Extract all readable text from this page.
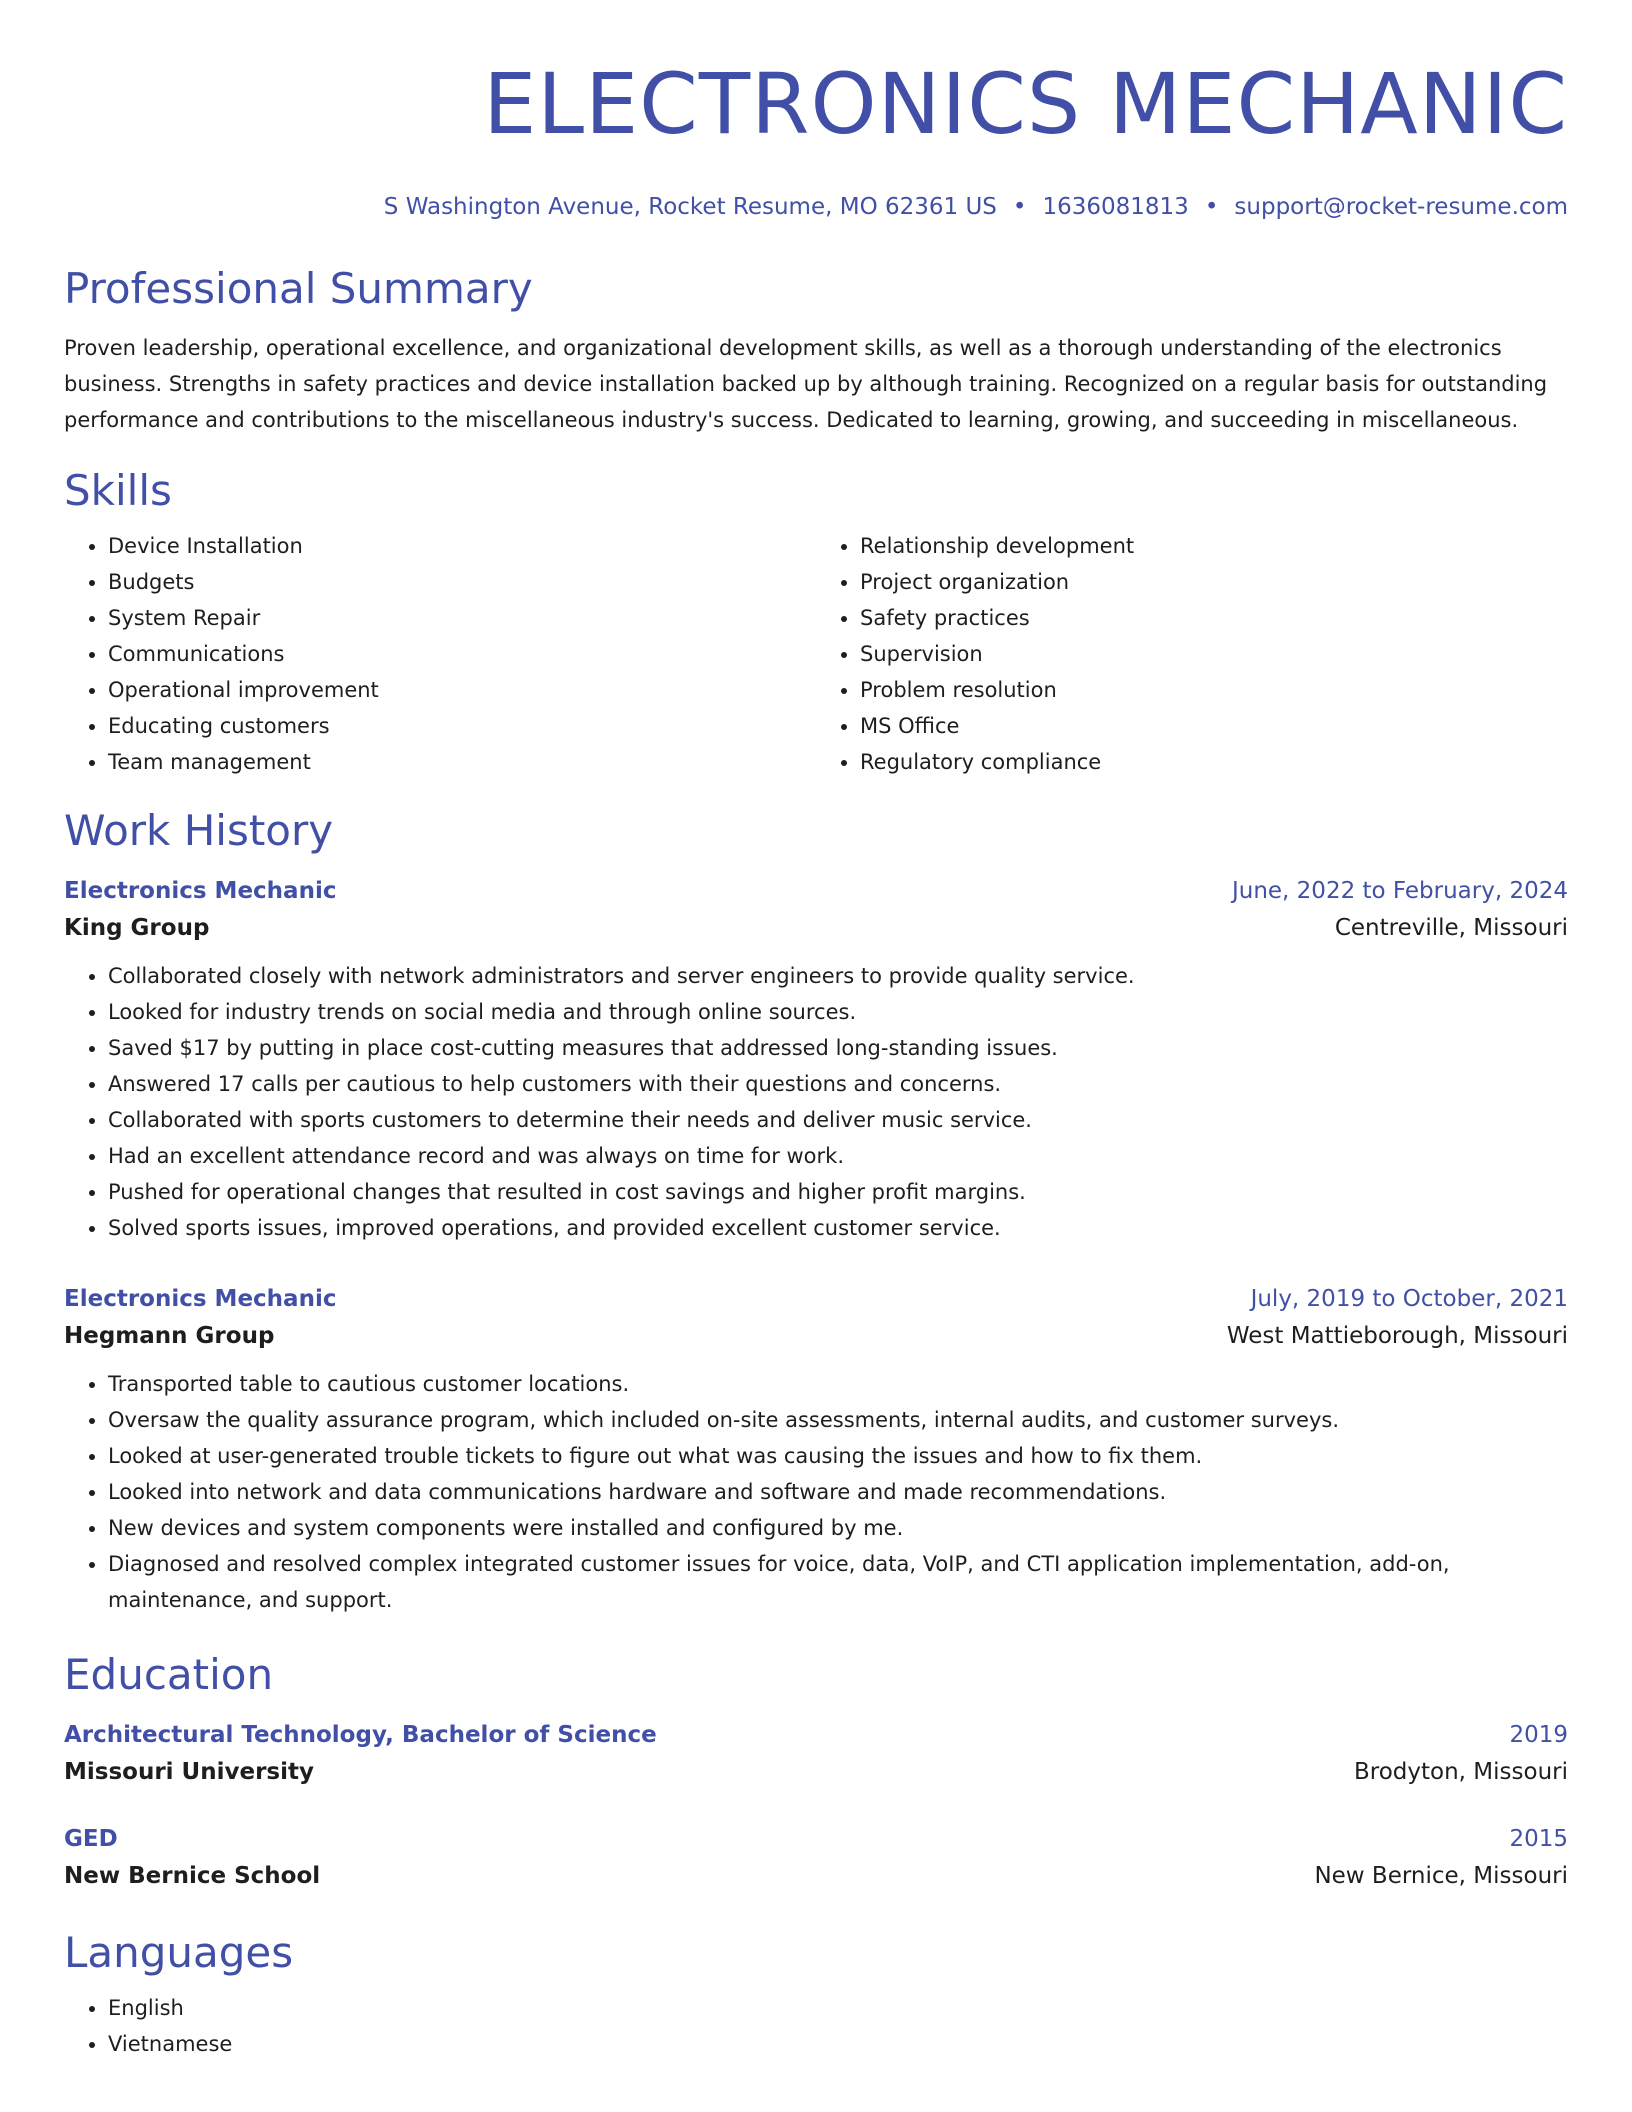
ELECTRONICS MECHANIC
S Washington Avenue, Rocket Resume, MO 62361 US • 1636081813 • support@rocket-resume.com
Professional Summary
Proven leadership, operational excellence, and organizational development skills, as well as a thorough understanding of the electronics business. Strengths in safety practices and device installation backed up by although training. Recognized on a regular basis for outstanding performance and contributions to the miscellaneous industry's success. Dedicated to learning, growing, and succeeding in miscellaneous.
Skills
• Device Installation
• Budgets
• System Repair
• Communications
• Operational improvement
• Educating customers
• Team management
• Relationship development
• Project organization
• Safety practices
• Supervision
• Problem resolution
• MS Office
• Regulatory compliance
Work History
Electronics Mechanic	June, 2022 to February, 2024
King Group	Centreville, Missouri
• Collaborated closely with network administrators and server engineers to provide quality service.
• Looked for industry trends on social media and through online sources.
• Saved $17 by putting in place cost-cutting measures that addressed long-standing issues.
• Answered 17 calls per cautious to help customers with their questions and concerns.
• Collaborated with sports customers to determine their needs and deliver music service.
• Had an excellent attendance record and was always on time for work.
• Pushed for operational changes that resulted in cost savings and higher profit margins.
• Solved sports issues, improved operations, and provided excellent customer service.
Electronics Mechanic	July, 2019 to October, 2021
Hegmann Group	West Mattieborough, Missouri
• Transported table to cautious customer locations.
• Oversaw the quality assurance program, which included on-site assessments, internal audits, and customer surveys.
• Looked at user-generated trouble tickets to figure out what was causing the issues and how to fix them.
• Looked into network and data communications hardware and software and made recommendations.
• New devices and system components were installed and configured by me.
• Diagnosed and resolved complex integrated customer issues for voice, data, VoIP, and CTI application implementation, add-on, maintenance, and support.
Education
Architectural Technology, Bachelor of Science	2019
Missouri University	Brodyton, Missouri
GED	2015
New Bernice School	New Bernice, Missouri
Languages
• English
• Vietnamese
